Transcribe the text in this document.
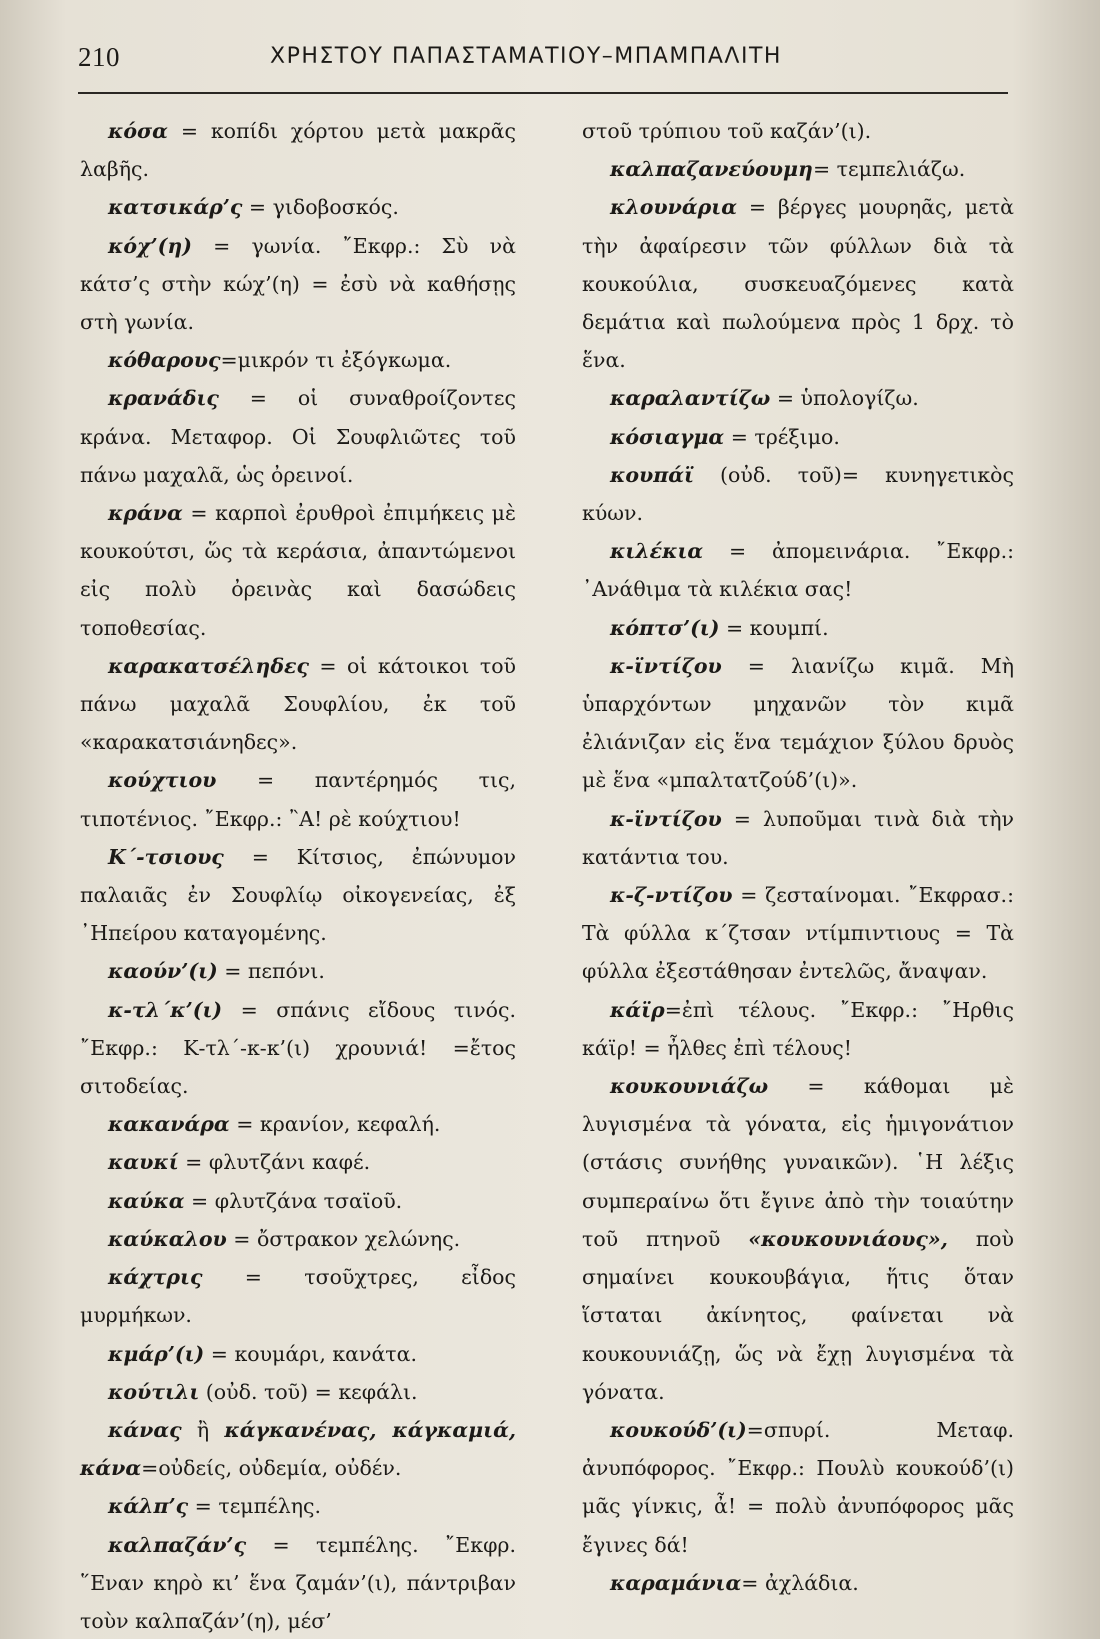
210	ΧΡΗΣΤΟΥ ΠΑΠΑΣΤΑΜΑΤΙΟΥ–ΜΠΑΜΠΑΛΙΤΗ

κόσα = κοπίδι χόρτου μετὰ μακρᾶς λαβῆς.

κατσικάρ’ς = γιδοβοσκός.

κόχ’(η) = γωνία. ῎Εκφρ.: Σὺ νὰ κάτσ’ς στὴν κώχ’(η) = ἐσὺ νὰ καθήσῃς στὴ γωνία.

κόθαρους=μικρόν τι ἐξόγκωμα.

κρανάδις = οἱ συναθροίζοντες κράνα. Μεταφορ. Οἱ Σουφλιῶτες τοῦ πάνω μαχαλᾶ, ὡς ὀρεινοί.

κράνα = καρποὶ ἐρυθροὶ ἐπιμήκεις μὲ κουκούτσι, ὥς τὰ κεράσια, ἀπαντώμενοι εἰς πολὺ ὀρεινὰς καὶ δασώδεις τοποθεσίας.

καρακατσέληδες = οἱ κάτοικοι τοῦ πάνω μαχαλᾶ Σουφλίου, ἐκ τοῦ «καρακατσιάνηδες».

κούχτιου = παντέρημός τις, τιποτένιος. ῎Εκφρ.: ῍Α! ρὲ κούχτιου!

Κ΄-τσιους = Κίτσιος, ἐπώνυμον παλαιᾶς ἐν Σουφλίῳ οἰκογενείας, ἐξ ᾿Ηπείρου καταγομένης.

καούν’(ι) = πεπόνι.

κ-τλ΄κ’(ι) = σπάνις εἴδους τινός. ῎Εκφρ.: Κ-τλ΄-κ-κ’(ι) χρουνιά! =ἔτος σιτοδείας.

κακανάρα = κρανίον, κεφαλή.

καυκί = φλυτζάνι καφέ.

καύκα = φλυτζάνα τσαϊοῦ.

καύκαλου = ὄστρακον χελώνης.

κάχτρις = τσοῦχτρες, εἶδος μυρμήκων.

κμάρ’(ι) = κουμάρι, κανάτα.

κούτιλι (οὐδ. τοῦ) = κεφάλι.

κάνας ἢ κάγκανένας, κάγκαμιά, κάνα=οὐδείς, οὐδεμία, οὐδέν.

κάλπ’ς = τεμπέλης.

καλπαζάν’ς = τεμπέλης. ῎Εκφρ. ῞Εναν κηρὸ κι’ ἕνα ζαμάν’(ι), πάντριβαν τοὺν καλπαζάν’(η), μέσ’

στοῦ τρύπιου τοῦ καζάν’(ι).

καλπαζανεύουμη= τεμπελιάζω.

κλουνάρια = βέργες μουρηᾶς, μετὰ τὴν ἀφαίρεσιν τῶν φύλλων διὰ τὰ κουκούλια, συσκευαζόμενες κατὰ δεμάτια καὶ πωλούμενα πρὸς 1 δρχ. τὸ ἕνα.

καραλαντίζω = ὑπολογίζω.

κόσιαγμα = τρέξιμο.

κουπάϊ (οὐδ. τοῦ)= κυνηγετικὸς κύων.

κιλέκια = ἀπομεινάρια. ῎Εκφρ.: ᾿Ανάθιμα τὰ κιλέκια σας!

κόπτσ’(ι) = κουμπί.

κ-ϊντίζου = λιανίζω κιμᾶ. Μὴ ὑπαρχόντων μηχανῶν τὸν κιμᾶ ἐλιάνιζαν εἰς ἕνα τεμάχιον ξύλου δρυὸς μὲ ἕνα «μπαλτατζούδ’(ι)».

κ-ϊντίζου = λυποῦμαι τινὰ διὰ τὴν κατάντια του.

κ-ζ-ντίζου = ζεσταίνομαι. ῎Εκφρασ.: Τὰ φύλλα κ΄ζτσαν ντίμπιντιους = Τὰ φύλλα ἐξεστάθησαν ἐντελῶς, ἄναψαν.

κάϊρ=ἐπὶ τέλους. ῎Εκφρ.: ῎Ηρθις κάϊρ! = ἦλθες ἐπὶ τέλους!

κουκουνιάζω = κάθομαι μὲ λυγισμένα τὰ γόνατα, εἰς ἡμιγονάτιον (στάσις συνήθης γυναικῶν). ῾Η λέξις συμπεραίνω ὅτι ἔγινε ἀπὸ τὴν τοιαύτην τοῦ πτηνοῦ «κουκουνιάους», ποὺ σημαίνει κουκουβάγια, ἥτις ὅταν ἵσταται ἀκίνητος, φαίνεται νὰ κουκουνιάζῃ, ὥς νὰ ἔχῃ λυγισμένα τὰ γόνατα.

κουκούδ’(ι)=σπυρί. Μεταφ. ἀνυπόφορος. ῎Εκφρ.: Πουλὺ κουκούδ’(ι) μᾶς γίνκις, ἆ! = πολὺ ἀνυπόφορος μᾶς ἔγινες δά!

καραμάνια= ἀχλάδια.
